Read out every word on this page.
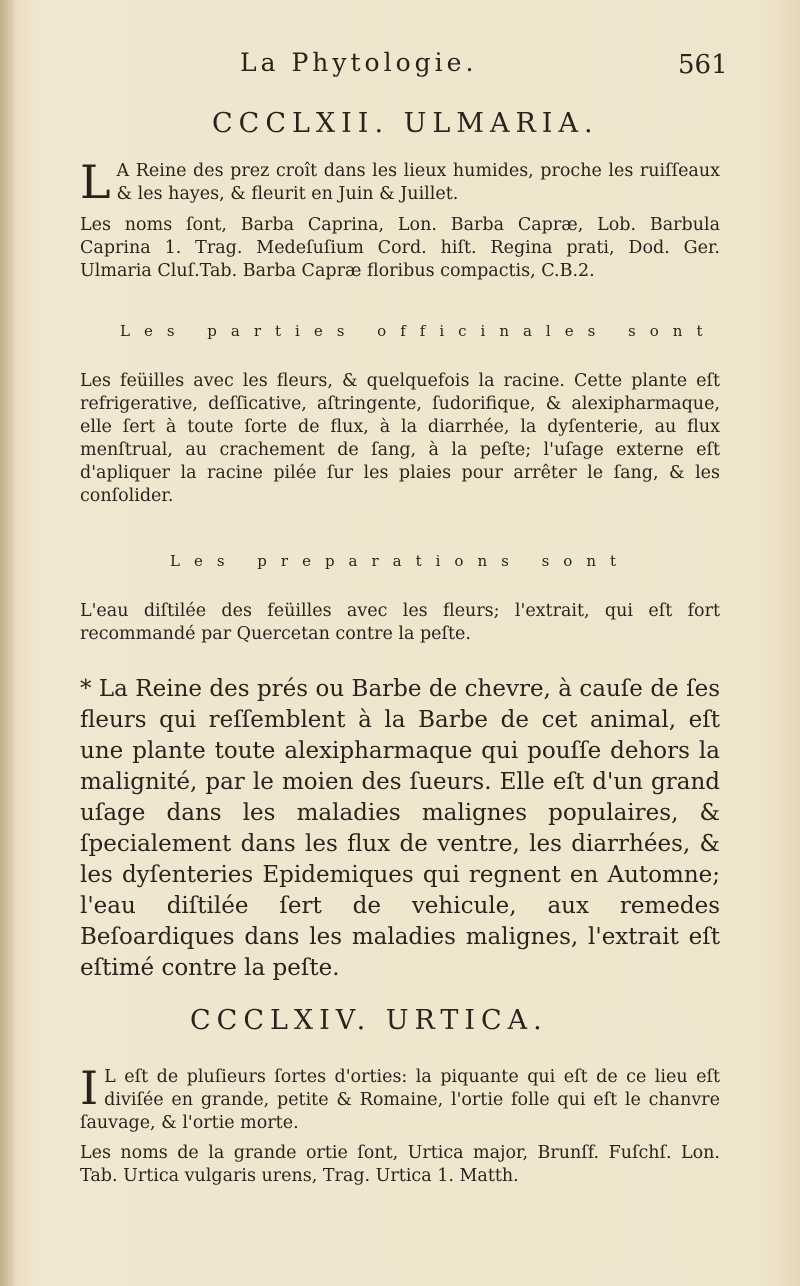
La Phytologie.	561
CCCLXII. ULMARIA.
L A Reine des prez croît dans les lieux humides, proche les ruiſſeaux & les hayes, & fleurit en Juin & Juillet.
Les noms ſont, Barba Caprina, Lon. Barba Capræ, Lob. Barbula Caprina 1. Trag. Medeſuſium Cord. hiſt. Regina prati, Dod. Ger. Ulmaria Cluſ.Tab. Barba Capræ floribus compactis, C.B.2.
Les parties officinales sont
Les feüilles avec les fleurs, & quelquefois la racine. Cette plante eſt refrigerative, deſſicative, aſtringente, ſudorifique, & alexipharmaque, elle ſert à toute ſorte de flux, à la diarrhée, la dyſenterie, au flux menſtrual, au crachement de ſang, à la peſte; l'uſage externe eſt d'apliquer la racine pilée ſur les plaies pour arrêter le ſang, & les conſolider.
Les preparations sont
L'eau diſtilée des feüilles avec les fleurs; l'extrait, qui eſt fort recommandé par Quercetan contre la peſte.
* La Reine des prés ou Barbe de chevre, à cauſe de ſes fleurs qui reſſemblent à la Barbe de cet animal, eſt une plante toute alexipharmaque qui pouſſe dehors la malignité, par le moien des ſueurs. Elle eſt d'un grand uſage dans les maladies malignes populaires, & ſpecialement dans les flux de ventre, les diarrhées, & les dyſenteries Epidemiques qui regnent en Automne; l'eau diſtilée ſert de vehicule, aux remedes Beſoardiques dans les maladies malignes, l'extrait eſt eſtimé contre la peſte.
CCCLXIV. URTICA.
I L eſt de pluſieurs ſortes d'orties: la piquante qui eſt de ce lieu eſt diviſée en grande, petite & Romaine, l'ortie folle qui eſt le chanvre ſauvage, & l'ortie morte.
Les noms de la grande ortie ſont, Urtica major, Brunſf. Fuſchſ. Lon. Tab. Urtica vulgaris urens, Trag. Urtica 1. Matth.
